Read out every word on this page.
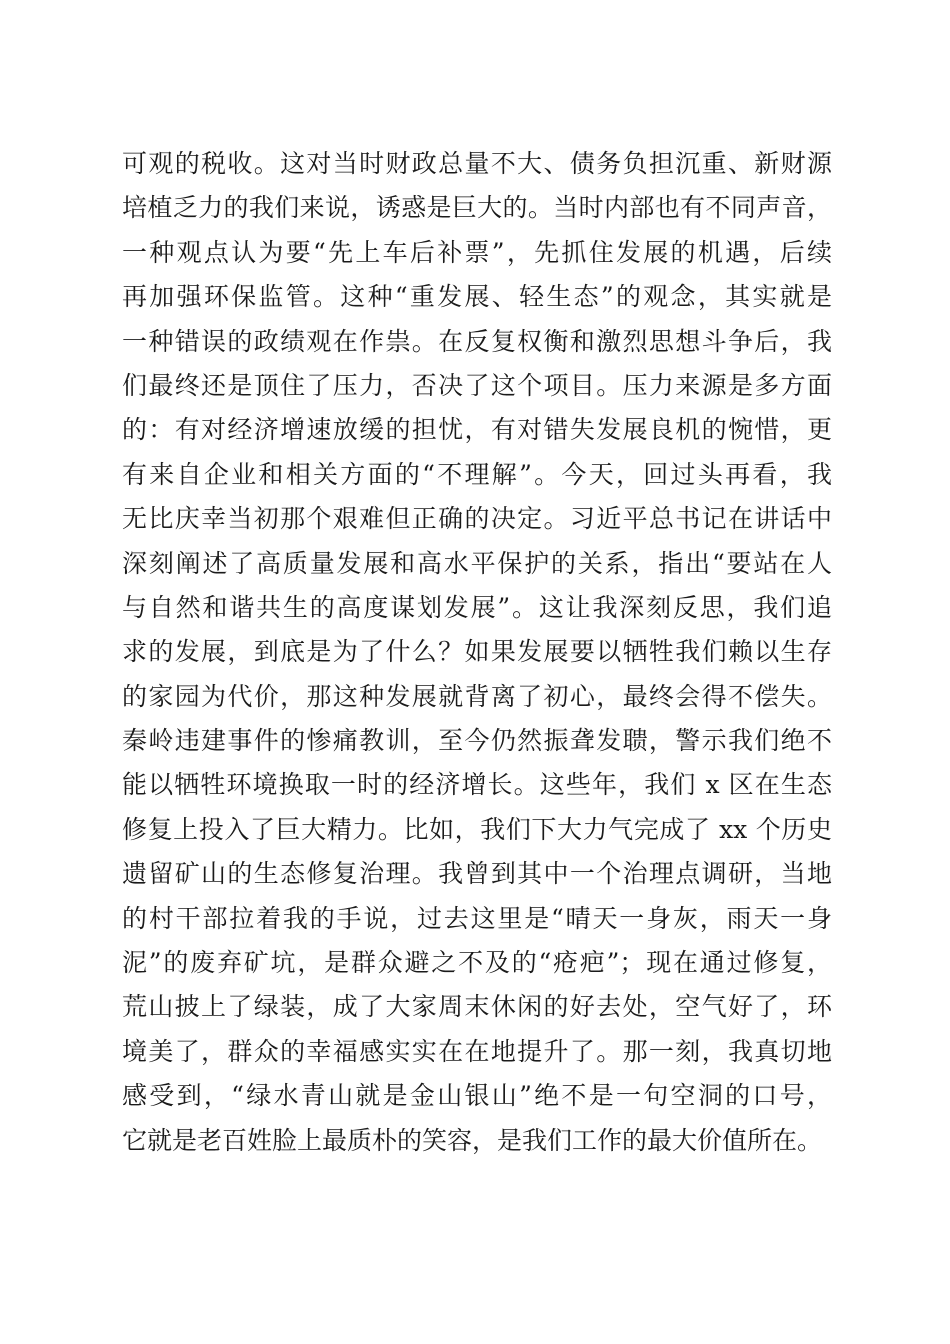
可观的税收。这对当时财政总量不大、债务负担沉重、新财源
培植乏力的我们来说，诱惑是巨大的。当时内部也有不同声音，
一种观点认为要“先上车后补票”，先抓住发展的机遇，后续
再加强环保监管。这种“重发展、轻生态”的观念，其实就是
一种错误的政绩观在作祟。在反复权衡和激烈思想斗争后，我
们最终还是顶住了压力，否决了这个项目。压力来源是多方面
的：有对经济增速放缓的担忧，有对错失发展良机的惋惜，更
有来自企业和相关方面的“不理解”。今天，回过头再看，我
无比庆幸当初那个艰难但正确的决定。习近平总书记在讲话中
深刻阐述了高质量发展和高水平保护的关系，指出“要站在人
与自然和谐共生的高度谋划发展”。这让我深刻反思，我们追
求的发展，到底是为了什么？如果发展要以牺牲我们赖以生存
的家园为代价，那这种发展就背离了初心，最终会得不偿失。
秦岭违建事件的惨痛教训，至今仍然振聋发聩，警示我们绝不
能以牺牲环境换取一时的经济增长。这些年，我们 x 区在生态
修复上投入了巨大精力。比如，我们下大力气完成了 xx 个历史
遗留矿山的生态修复治理。我曾到其中一个治理点调研，当地
的村干部拉着我的手说，过去这里是“晴天一身灰，雨天一身
泥”的废弃矿坑，是群众避之不及的“疮疤”；现在通过修复，
荒山披上了绿装，成了大家周末休闲的好去处，空气好了，环
境美了，群众的幸福感实实在在地提升了。那一刻，我真切地
感受到，“绿水青山就是金山银山”绝不是一句空洞的口号，
它就是老百姓脸上最质朴的笑容，是我们工作的最大价值所在。
